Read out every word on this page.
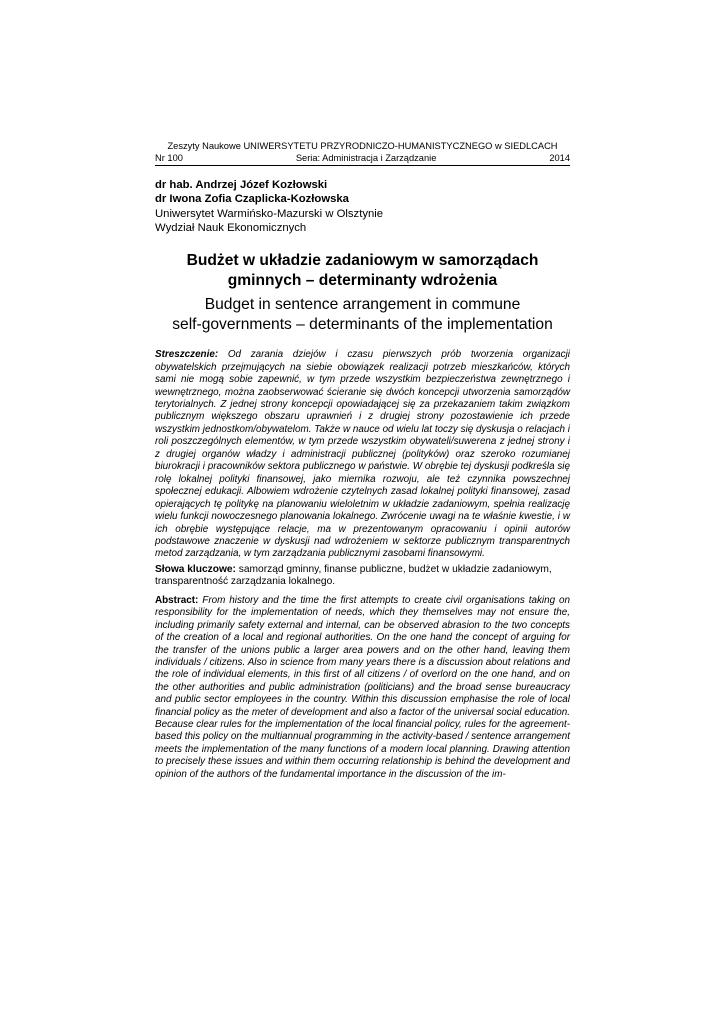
Zeszyty Naukowe UNIWERSYTETU PRZYRODNICZO-HUMANISTYCZNEGO w SIEDLCACH
Nr 100	Seria: Administracja i Zarządzanie	2014
dr hab. Andrzej Józef Kozłowski
dr Iwona Zofia Czaplicka-Kozłowska
Uniwersytet Warmińsko-Mazurski w Olsztynie
Wydział Nauk Ekonomicznych
Budżet w układzie zadaniowym w samorządach
gminnych – determinanty wdrożenia
Budget in sentence arrangement in commune
self-governments – determinants of the implementation
Streszczenie: Od zarania dziejów i czasu pierwszych prób tworzenia organizacji obywatelskich przejmujących na siebie obowiązek realizacji potrzeb mieszkańców, których sami nie mogą sobie zapewnić, w tym przede wszystkim bezpieczeństwa zewnętrznego i wewnętrznego, można zaobserwować ścieranie się dwóch koncepcji utworzenia samorządów terytorialnych. Z jednej strony koncepcji opowiadającej się za przekazaniem takim związkom publicznym większego obszaru uprawnień i z drugiej strony pozostawienie ich przede wszystkim jednostkom/obywatelom. Także w nauce od wielu lat toczy się dyskusja o relacjach i roli poszczególnych elementów, w tym przede wszystkim obywateli/suwerena z jednej strony i z drugiej organów władzy i administracji publicznej (polityków) oraz szeroko rozumianej biurokracji i pracowników sektora publicznego w państwie. W obrębie tej dyskusji podkreśla się rolę lokalnej polityki finansowej, jako miernika rozwoju, ale też czynnika powszechnej społecznej edukacji. Albowiem wdrożenie czytelnych zasad lokalnej polityki finansowej, zasad opierających tę politykę na planowaniu wieloletnim w układzie zadaniowym, spełnia realizację wielu funkcji nowoczesnego planowania lokalnego. Zwrócenie uwagi na te właśnie kwestie, i w ich obrębie występujące relacje, ma w prezentowanym opracowaniu i opinii autorów podstawowe znaczenie w dyskusji nad wdrożeniem w sektorze publicznym transparentnych metod zarządzania, w tym zarządzania publicznymi zasobami finansowymi.
Słowa kluczowe: samorząd gminny, finanse publiczne, budżet w układzie zadaniowym, transparentność zarządzania lokalnego.
Abstract: From history and the time the first attempts to create civil organisations taking on responsibility for the implementation of needs, which they themselves may not ensure the, including primarily safety external and internal, can be observed abrasion to the two concepts of the creation of a local and regional authorities. On the one hand the concept of arguing for the transfer of the unions public a larger area powers and on the other hand, leaving them individuals / citizens. Also in science from many years there is a discussion about relations and the role of individual elements, in this first of all citizens / of overlord on the one hand, and on the other authorities and public administration (politicians) and the broad sense bureaucracy and public sector employees in the country. Within this discussion emphasise the role of local financial policy as the meter of development and also a factor of the universal social education. Because clear rules for the implementation of the local financial policy, rules for the agreement-based this policy on the multiannual programming in the activity-based / sentence arrangement meets the implementation of the many functions of a modern local planning. Drawing attention to precisely these issues and within them occurring relationship is behind the development and opinion of the authors of the fundamental importance in the discussion of the im-
